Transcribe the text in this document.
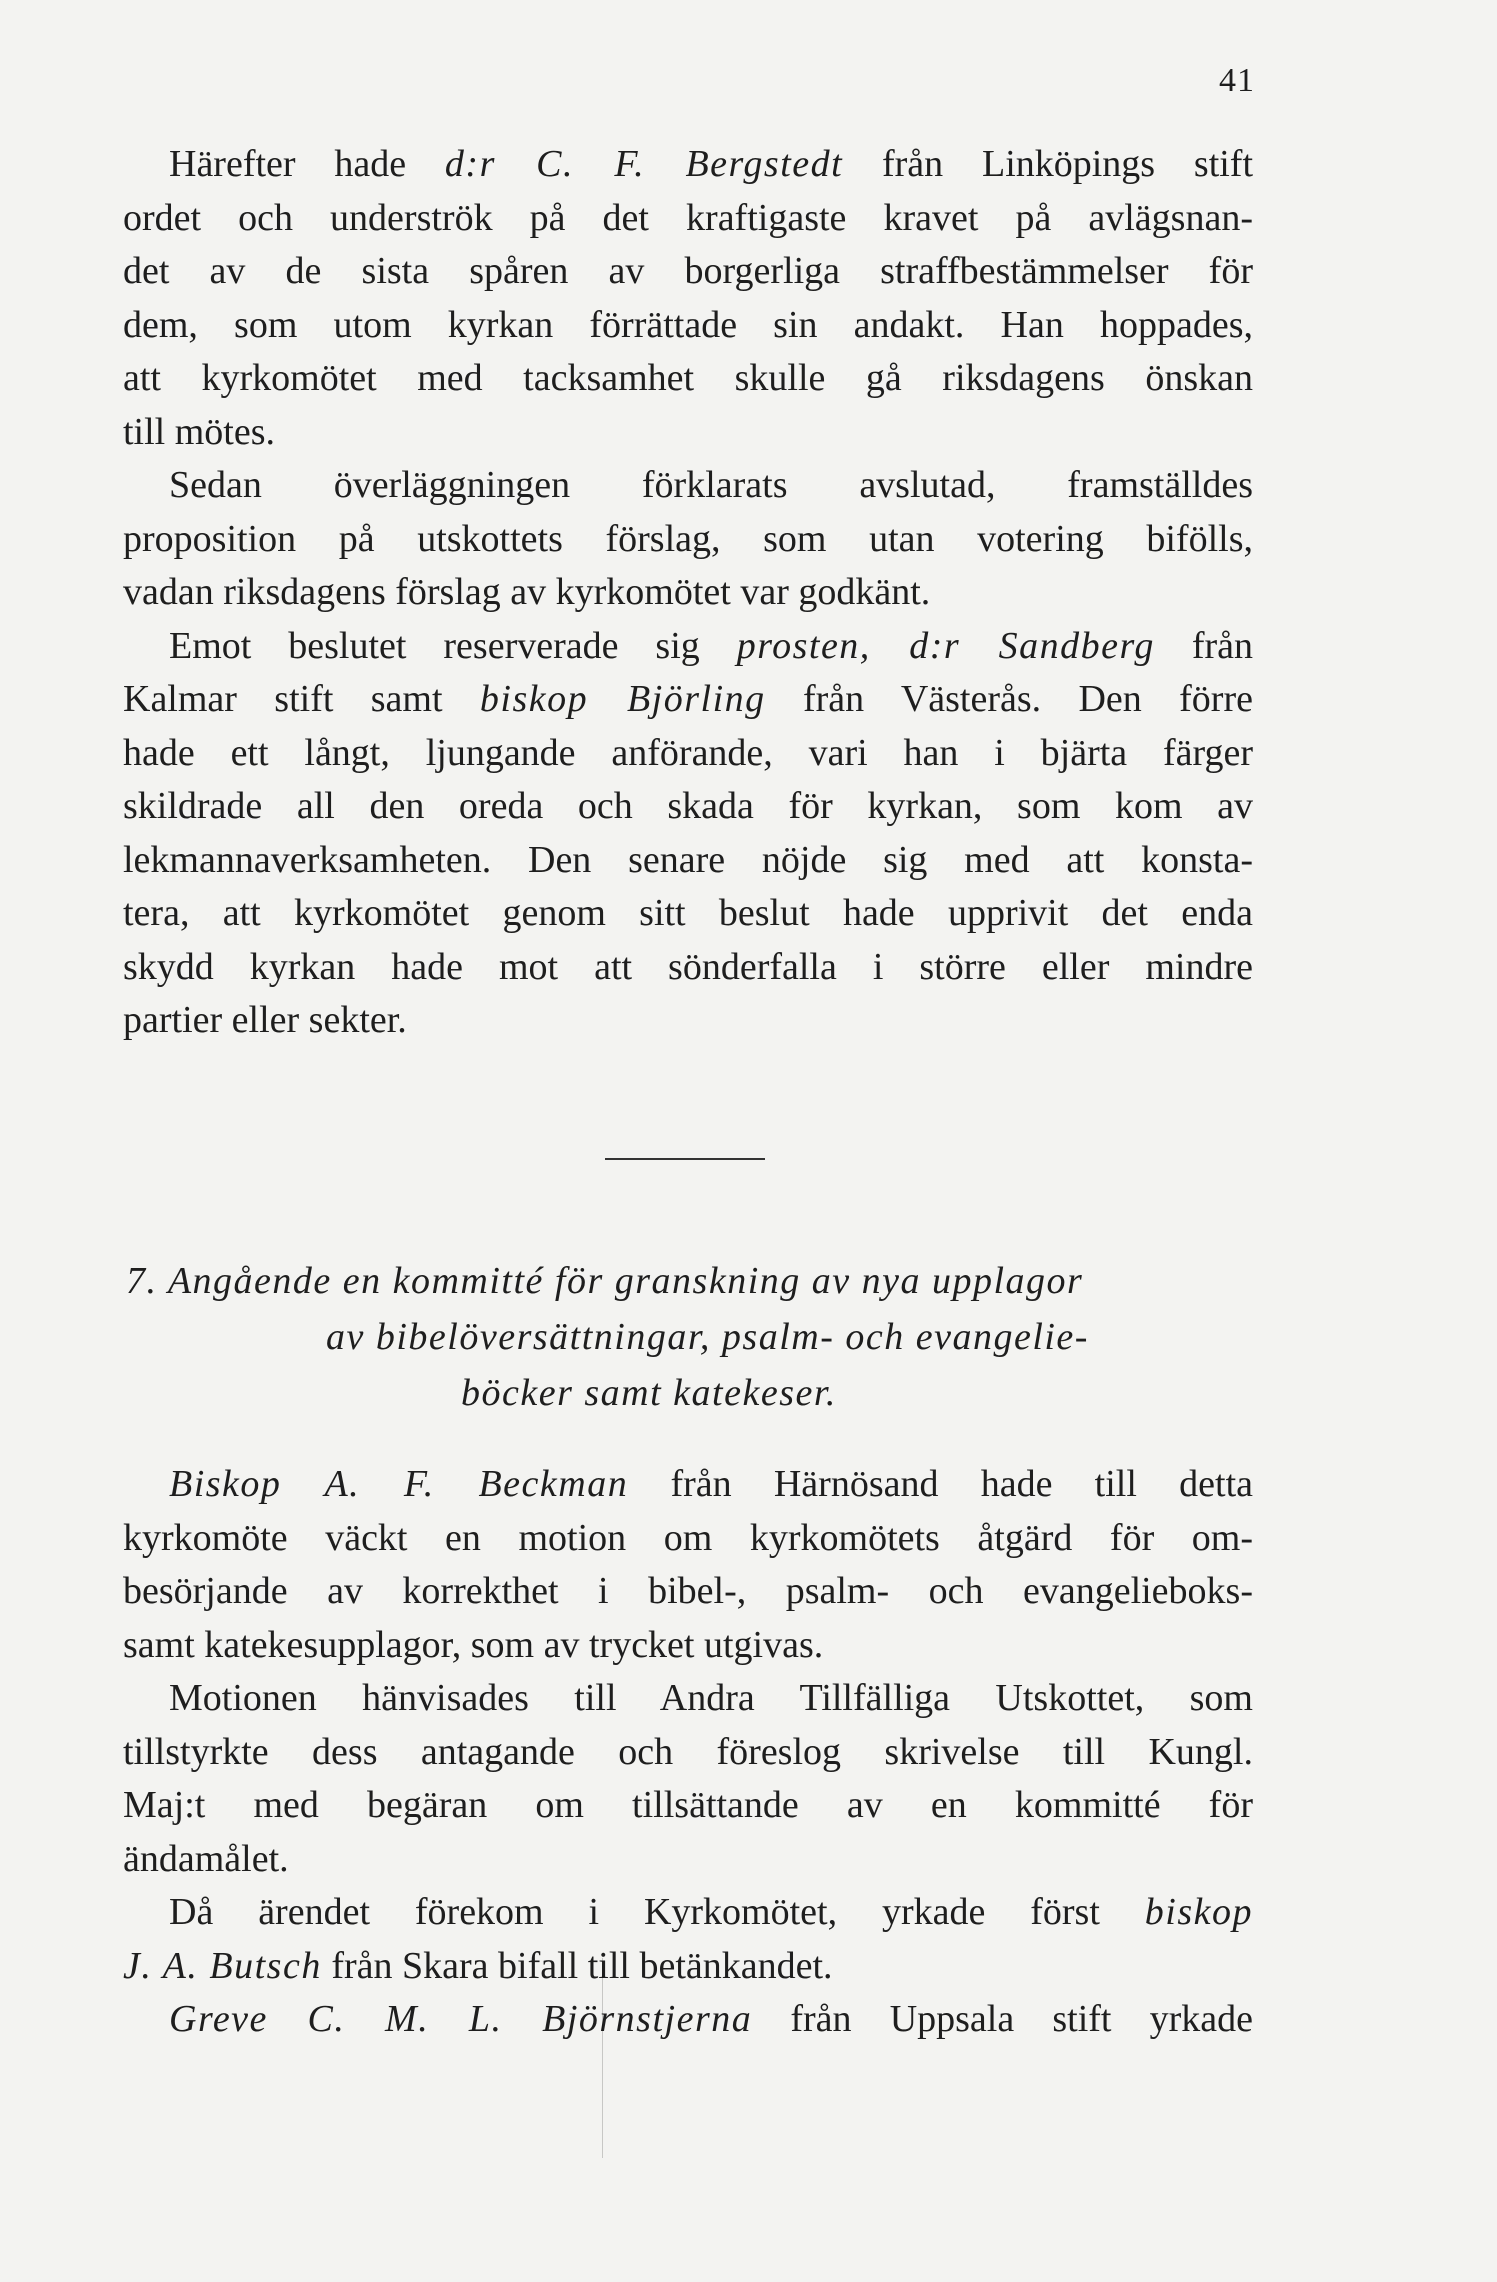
41
Härefter hade d:r C. F. Bergstedt från Linköpings stift
ordet och underströk på det kraftigaste kravet på avlägsnan-
det av de sista spåren av borgerliga straffbestämmelser för
dem, som utom kyrkan förrättade sin andakt. Han hoppades,
att kyrkomötet med tacksamhet skulle gå riksdagens önskan
till mötes.
Sedan överläggningen förklarats avslutad, framställdes
proposition på utskottets förslag, som utan votering bifölls,
vadan riksdagens förslag av kyrkomötet var godkänt.
Emot beslutet reserverade sig prosten, d:r Sandberg från
Kalmar stift samt biskop Björling från Västerås. Den förre
hade ett långt, ljungande anförande, vari han i bjärta färger
skildrade all den oreda och skada för kyrkan, som kom av
lekmannaverksamheten. Den senare nöjde sig med att konsta-
tera, att kyrkomötet genom sitt beslut hade upprivit det enda
skydd kyrkan hade mot att sönderfalla i större eller mindre
partier eller sekter.
7. Angående en kommitté för granskning av nya upplagor
av bibelöversättningar, psalm- och evangelie-
böcker samt katekeser.
Biskop A. F. Beckman från Härnösand hade till detta
kyrkomöte väckt en motion om kyrkomötets åtgärd för om-
besörjande av korrekthet i bibel-, psalm- och evangelieboks-
samt katekesupplagor, som av trycket utgivas.
Motionen hänvisades till Andra Tillfälliga Utskottet, som
tillstyrkte dess antagande och föreslog skrivelse till Kungl.
Maj:t med begäran om tillsättande av en kommitté för
ändamålet.
Då ärendet förekom i Kyrkomötet, yrkade först biskop
J. A. Butsch från Skara bifall till betänkandet.
Greve C. M. L. Björnstjerna från Uppsala stift yrkade
